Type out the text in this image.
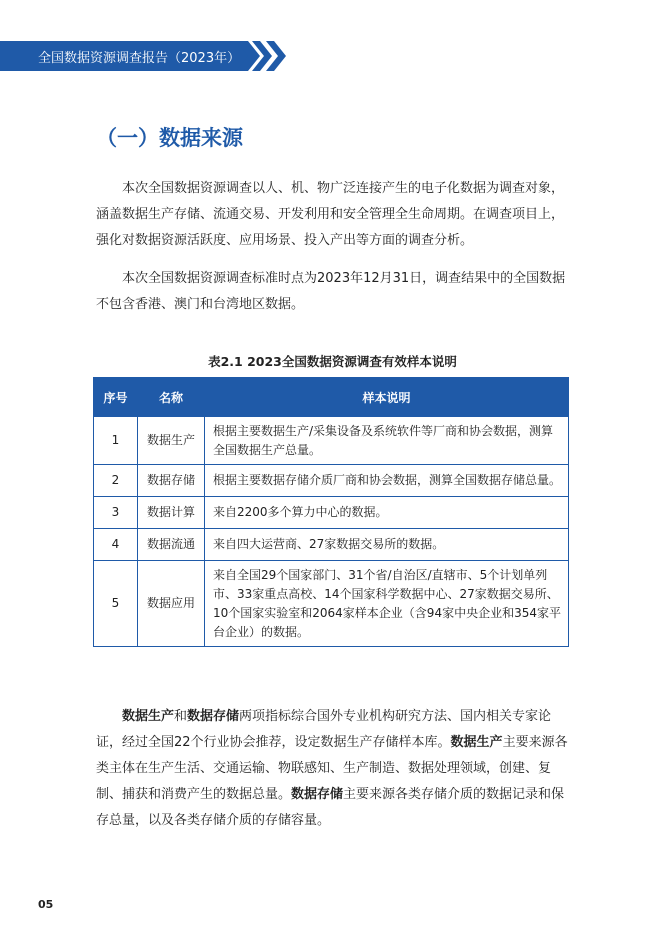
全国数据资源调查报告（2023年）
（一）数据来源

本次全国数据资源调查以人、机、物广泛连接产生的电子化数据为调查对象，涵盖数据生产存储、流通交易、开发利用和安全管理全生命周期。在调查项目上，强化对数据资源活跃度、应用场景、投入产出等方面的调查分析。

本次全国数据资源调查标准时点为2023年12月31日，调查结果中的全国数据不包含香港、澳门和台湾地区数据。

表2.1 2023全国数据资源调查有效样本说明
序号	名称	样本说明
1	数据生产	根据主要数据生产/采集设备及系统软件等厂商和协会数据，测算全国数据生产总量。
2	数据存储	根据主要数据存储介质厂商和协会数据，测算全国数据存储总量。
3	数据计算	来自2200多个算力中心的数据。
4	数据流通	来自四大运营商、27家数据交易所的数据。
5	数据应用	来自全国29个国家部门、31个省/自治区/直辖市、5个计划单列市、33家重点高校、14个国家科学数据中心、27家数据交易所、10个国家实验室和2064家样本企业（含94家中央企业和354家平台企业）的数据。

数据生产和数据存储两项指标综合国外专业机构研究方法、国内相关专家论证，经过全国22个行业协会推荐，设定数据生产存储样本库。数据生产主要来源各类主体在生产生活、交通运输、物联感知、生产制造、数据处理领域，创建、复制、捕获和消费产生的数据总量。数据存储主要来源各类存储介质的数据记录和保存总量，以及各类存储介质的存储容量。

05
